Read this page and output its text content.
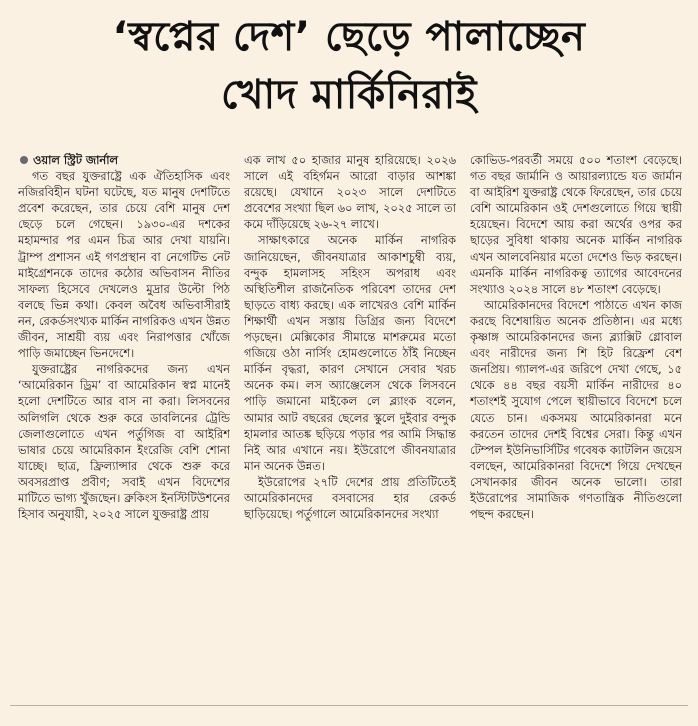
‘স্বপ্নের দেশ’ ছেড়ে পালাচ্ছেন
খোদ মার্কিনিরাই
ওয়াল স্ট্রিট জার্নাল

গত বছর যুক্তরাষ্ট্রে এক ঐতিহাসিক এবং নজিরবিহীন ঘটনা ঘটেছে, যত মানুষ দেশটিতে প্রবেশ করেছেন, তার চেয়ে বেশি মানুষ দেশ ছেড়ে চলে গেছেন। ১৯৩০-এর দশকের মহামন্দার পর এমন চিত্র আর দেখা যায়নি। ট্রাম্প প্রশাসন এই গণপ্রস্থান বা নেগেটিভ নেট মাইগ্রেশনকে তাদের কঠোর অভিবাসন নীতির সাফল্য হিসেবে দেখলেও মুদ্রার উল্টো পিঠ বলছে ভিন্ন কথা। কেবল অবৈধ অভিবাসীরাই নন, রেকর্ডসংখ্যক মার্কিন নাগরিকও এখন উন্নত জীবন, সাশ্রয়ী ব্যয় এবং নিরাপত্তার খোঁজে পাড়ি জমাচ্ছেন ভিনদেশে।

যুক্তরাষ্ট্রের নাগরিকদের জন্য এখন ‘আমেরিকান ড্রিম’ বা আমেরিকান স্বপ্ন মানেই হলো দেশটিতে আর বাস না করা। লিসবনের অলিগলি থেকে শুরু করে ডাবলিনের ট্রেন্ডি জেলাগুলোতে এখন পর্তুগিজ বা আইরিশ ভাষার চেয়ে আমেরিকান ইংরেজি বেশি শোনা যাচ্ছে। ছাত্র, ফ্রিল্যান্সার থেকে শুরু করে অবসরপ্রাপ্ত প্রবীণ; সবাই এখন বিদেশের মাটিতে ভাগ্য খুঁজছেন। ব্রুকিংস ইনস্টিটিউশনের হিসাব অনুযায়ী, ২০২৫ সালে যুক্তরাষ্ট্র প্রায়

এক লাখ ৫০ হাজার মানুষ হারিয়েছে। ২০২৬ সালে এই বহির্গমন আরো বাড়ার আশঙ্কা রয়েছে। যেখানে ২০২৩ সালে দেশটিতে প্রবেশের সংখ্যা ছিল ৬০ লাখ, ২০২৫ সালে তা কমে দাঁড়িয়েছে ২৬-২৭ লাখে।

সাক্ষাৎকারে অনেক মার্কিন নাগরিক জানিয়েছেন, জীবনযাত্রার আকাশচুম্বী ব্যয়, বন্দুক হামলাসহ সহিংস অপরাধ এবং অস্থিতিশীল রাজনৈতিক পরিবেশ তাদের দেশ ছাড়তে বাধ্য করছে। এক লাখেরও বেশি মার্কিন শিক্ষার্থী এখন সস্তায় ডিগ্রির জন্য বিদেশে পড়ছেন। মেক্সিকোর সীমান্তে মাশরুমের মতো গজিয়ে ওঠা নার্সিং হোমগুলোতে ঠাঁই নিচ্ছেন মার্কিন বৃদ্ধরা, কারণ সেখানে সেবার খরচ অনেক কম। লস অ্যাঞ্জেলেস থেকে লিসবনে পাড়ি জমানো মাইকেল লে ব্ল্যাংক বলেন, আমার আট বছরের ছেলের স্কুলে দুইবার বন্দুক হামলার আতঙ্ক ছড়িয়ে পড়ার পর আমি সিদ্ধান্ত নিই আর এখানে নয়। ইউরোপে জীবনযাত্রার মান অনেক উন্নত।

ইউরোপের ২৭টি দেশের প্রায় প্রতিটিতেই আমেরিকানদের বসবাসের হার রেকর্ড ছাড়িয়েছে। পর্তুগালে আমেরিকানদের সংখ্যা

কোভিড-পরবর্তী সময়ে ৫০০ শতাংশ বেড়েছে। গত বছর জার্মানি ও আয়ারল্যান্ডে যত জার্মান বা আইরিশ যুক্তরাষ্ট্র থেকে ফিরেছেন, তার চেয়ে বেশি আমেরিকান ওই দেশগুলোতে গিয়ে স্থায়ী হয়েছেন। বিদেশে আয় করা অর্থের ওপর কর ছাড়ের সুবিধা থাকায় অনেক মার্কিন নাগরিক এখন আলবেনিয়ার মতো দেশেও ভিড় করছেন। এমনকি মার্কিন নাগরিকত্ব ত্যাগের আবেদনের সংখ্যাও ২০২৪ সালে ৪৮ শতাংশ বেড়েছে।

আমেরিকানদের বিদেশে পাঠাতে এখন কাজ করছে বিশেষায়িত অনেক প্রতিষ্ঠান। এর মধ্যে কৃষ্ণাঙ্গ আমেরিকানদের জন্য ব্ল্যাক্সিট গ্লোবাল এবং নারীদের জন্য শি হিট রিফ্রেশ বেশ জনপ্রিয়। গ্যালপ-এর জরিপে দেখা গেছে, ১৫ থেকে ৪৪ বছর বয়সী মার্কিন নারীদের ৪০ শতাংশই সুযোগ পেলে স্থায়ীভাবে বিদেশে চলে যেতে চান। একসময় আমেরিকানরা মনে করতেন তাদের দেশই বিশ্বের সেরা। কিন্তু এখন টেম্পল ইউনিভার্সিটির গবেষক ক্যাটলিন জয়েস বলছেন, আমেরিকানরা বিদেশে গিয়ে দেখছেন সেখানকার জীবন অনেক ভালো। তারা ইউরোপের সামাজিক গণতান্ত্রিক নীতিগুলো পছন্দ করছেন।
